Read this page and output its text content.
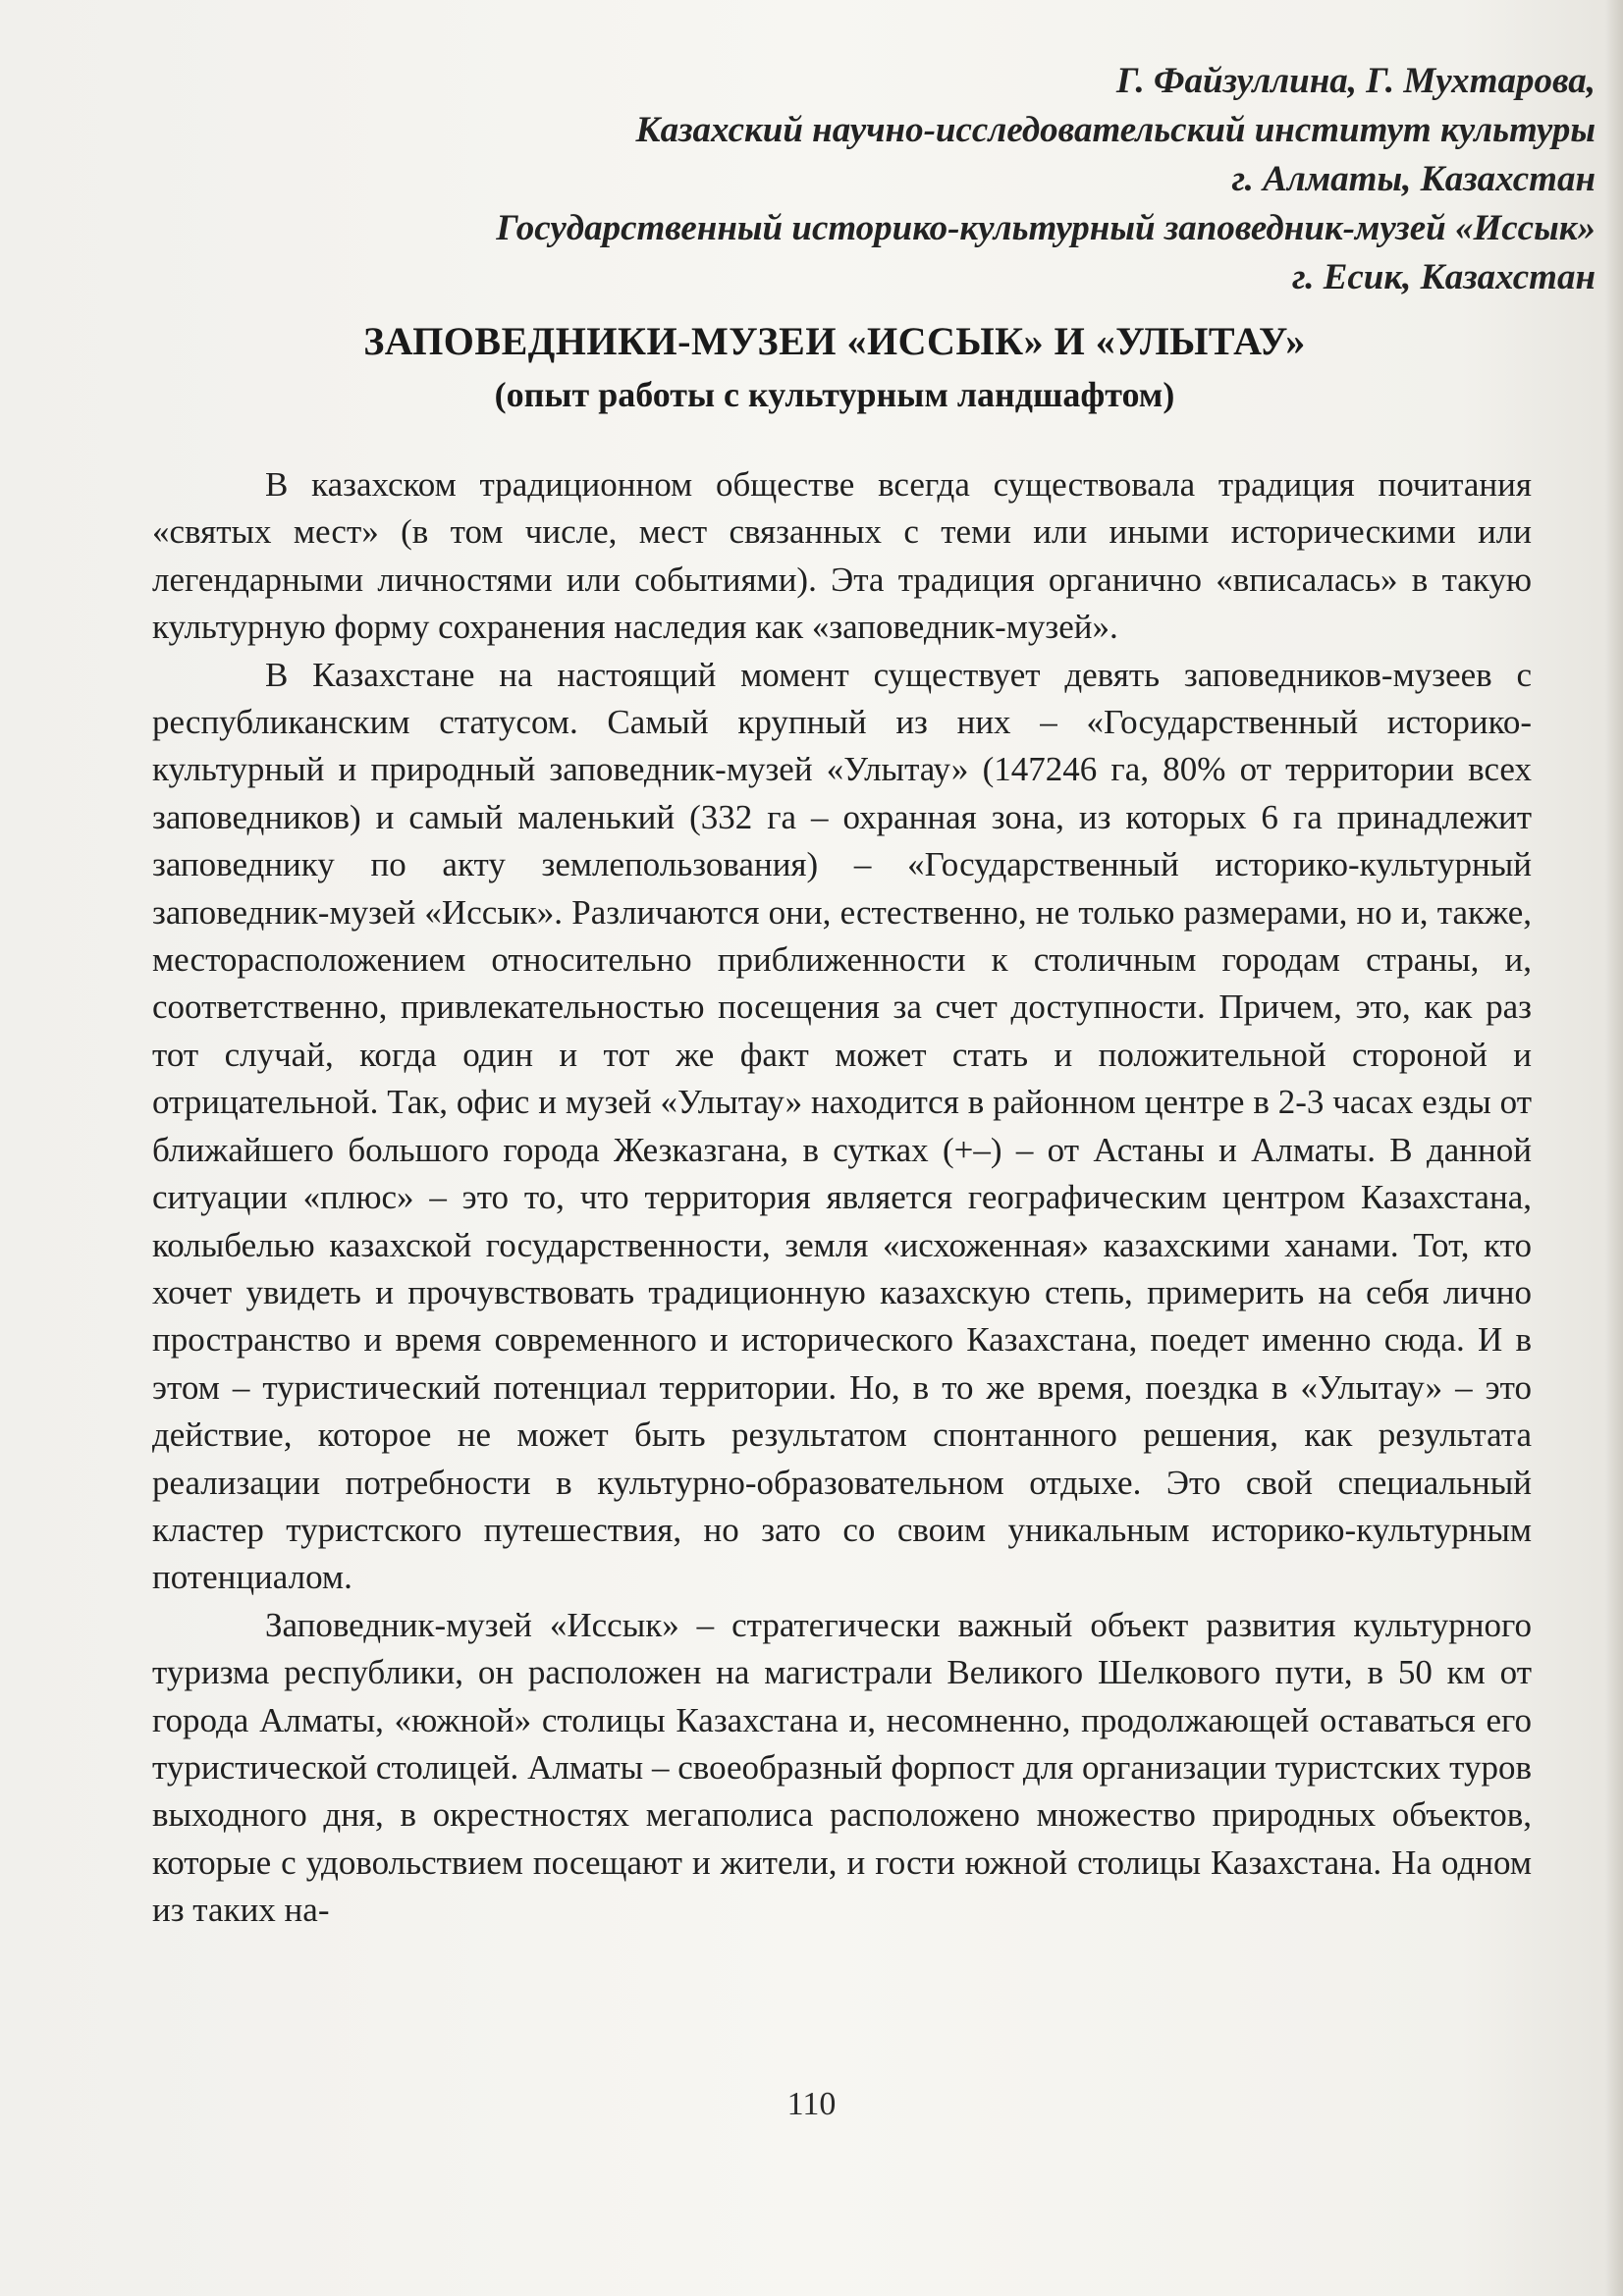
Г. Файзуллина, Г. Мухтарова,
Казахский научно-исследовательский институт культуры
г. Алматы, Казахстан
Государственный историко-культурный заповедник-музей «Иссык»
г. Есик, Казахстан
ЗАПОВЕДНИКИ-МУЗЕИ «ИССЫК» И «УЛЫТАУ»
(опыт работы с культурным ландшафтом)

В казахском традиционном обществе всегда существовала традиция почитания «святых мест» (в том числе, мест связанных с теми или иными историческими или легендарными личностями или событиями). Эта традиция органично «вписалась» в такую культурную форму сохранения наследия как «заповедник-музей».

В Казахстане на настоящий момент существует девять заповедников-музеев с республиканским статусом. Самый крупный из них – «Государственный историко-культурный и природный заповедник-музей «Улытау» (147246 га, 80% от территории всех заповедников) и самый маленький (332 га – охранная зона, из которых 6 га принадлежит заповеднику по акту землепользования) – «Государственный историко-культурный заповедник-музей «Иссык». Различаются они, естественно, не только размерами, но и, также, месторасположением относительно приближенности к столичным городам страны, и, соответственно, привлекательностью посещения за счет доступности. Причем, это, как раз тот случай, когда один и тот же факт может стать и положительной стороной и отрицательной. Так, офис и музей «Улытау» находится в районном центре в 2-3 часах езды от ближайшего большого города Жезказгана, в сутках (+–) – от Астаны и Алматы. В данной ситуации «плюс» – это то, что территория является географическим центром Казахстана, колыбелью казахской государственности, земля «исхоженная» казахскими ханами. Тот, кто хочет увидеть и прочувствовать традиционную казахскую степь, примерить на себя лично пространство и время современного и исторического Казахстана, поедет именно сюда. И в этом – туристический потенциал территории. Но, в то же время, поездка в «Улытау» – это действие, которое не может быть результатом спонтанного решения, как результата реализации потребности в культурно-образовательном отдыхе. Это свой специальный кластер туристского путешествия, но зато со своим уникальным историко-культурным потенциалом.

Заповедник-музей «Иссык» – стратегически важный объект развития культурного туризма республики, он расположен на магистрали Великого Шелкового пути, в 50 км от города Алматы, «южной» столицы Казахстана и, несомненно, продолжающей оставаться его туристической столицей. Алматы – своеобразный форпост для организации туристских туров выходного дня, в окрестностях мегаполиса расположено множество природных объектов, которые с удовольствием посещают и жители, и гости южной столицы Казахстана. На одном из таких на-

110
